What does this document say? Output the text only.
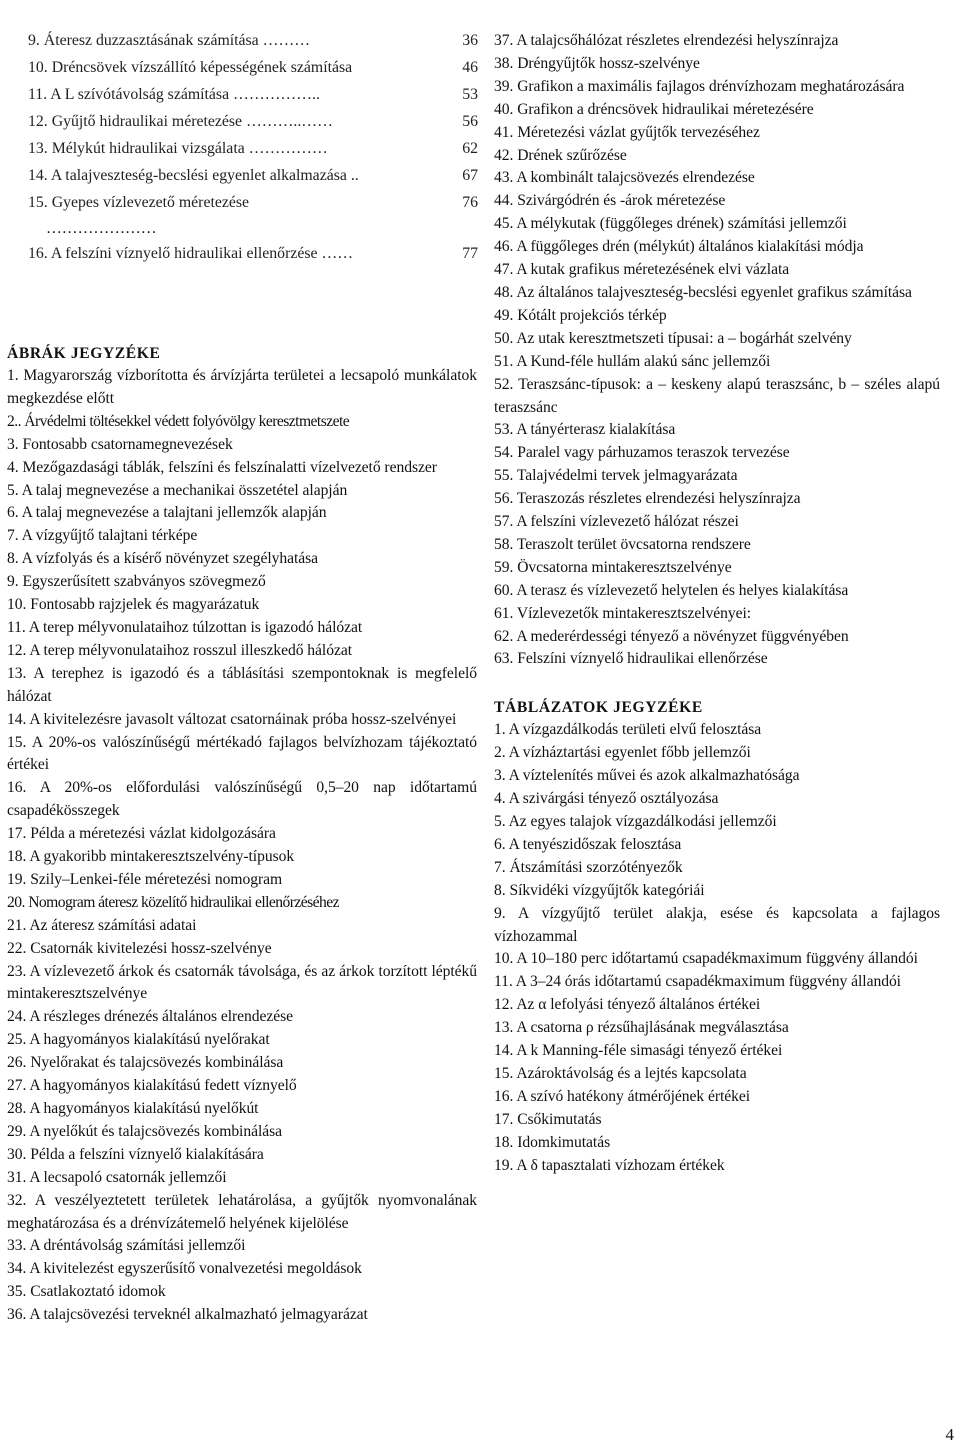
9. Áteresz duzzasztásának számítása ………	36
10. Dréncsövek vízszállító képességének számítása	46
11. A L szívótávolság számítása ……………..	53
12. Gyűjtő hidraulikai méretezése ………..……	56
13. Mélykút hidraulikai vizsgálata ……………	62
14. A talajveszteség-becslési egyenlet alkalmazása ..	67
15. Gyepes vízlevezető méretezése	76
…………………
16. A felszíni víznyelő hidraulikai ellenőrzése ……	77

ÁBRÁK JEGYZÉKE

1. Magyarország vízborította és árvízjárta területei a lecsapoló munkálatok megkezdése előtt

2.. Árvédelmi töltésekkel védett folyóvölgy keresztmetszete

3. Fontosabb csatornamegnevezések

4. Mezőgazdasági táblák, felszíni és felszínalatti vízelvezető rendszer

5. A talaj megnevezése a mechanikai összetétel alapján

6. A talaj megnevezése a talajtani jellemzők alapján

7. A vízgyűjtő talajtani térképe

8. A vízfolyás és a kísérő növényzet szegélyhatása

9. Egyszerűsített szabványos szövegmező

10. Fontosabb rajzjelek és magyarázatuk

11. A terep mélyvonulataihoz túlzottan is igazodó hálózat

12. A terep mélyvonulataihoz rosszul illeszkedő hálózat

13. A terephez is igazodó és a táblásítási szempontoknak is megfelelő hálózat

14. A kivitelezésre javasolt változat csatornáinak próba hossz-szelvényei

15. A 20%-os valószínűségű mértékadó fajlagos belvízhozam tájékoztató értékei

16. A 20%-os előfordulási valószínűségű 0,5–20 nap időtartamú csapadékösszegek

17. Példa a méretezési vázlat kidolgozására

18. A gyakoribb mintakeresztszelvény-típusok

19. Szily–Lenkei-féle méretezési nomogram

20. Nomogram áteresz közelítő hidraulikai ellenőrzéséhez

21. Az áteresz számítási adatai

22. Csatornák kivitelezési hossz-szelvénye

23. A vízlevezető árkok és csatornák távolsága, és az árkok torzított léptékű mintakeresztszelvénye

24. A részleges drénezés általános elrendezése

25. A hagyományos kialakítású nyelőrakat

26. Nyelőrakat és talajcsövezés kombinálása

27. A hagyományos kialakítású fedett víznyelő

28. A hagyományos kialakítású nyelőkút

29. A nyelőkút és talajcsövezés kombinálása

30. Példa a felszíni víznyelő kialakítására

31. A lecsapoló csatornák jellemzői

32. A veszélyeztetett területek lehatárolása, a gyűjtők nyomvonalának meghatározása és a drénvízátemelő helyének kijelölése

33. A dréntávolság számítási jellemzői

34. A kivitelezést egyszerűsítő vonalvezetési megoldások

35. Csatlakoztató idomok

36. A talajcsövezési terveknél alkalmazható jelmagyarázat

37. A talajcsőhálózat részletes elrendezési helyszínrajza

38. Dréngyűjtők hossz-szelvénye

39. Grafikon a maximális fajlagos drénvízhozam meghatározására

40. Grafikon a dréncsövek hidraulikai méretezésére

41. Méretezési vázlat gyűjtők tervezéséhez

42. Drének szűrőzése

43. A kombinált talajcsövezés elrendezése

44. Szivárgódrén és -árok méretezése

45. A mélykutak (függőleges drének) számítási jellemzői

46. A függőleges drén (mélykút) általános kialakítási módja

47. A kutak grafikus méretezésének elvi vázlata

48. Az általános talajveszteség-becslési egyenlet grafikus számítása

49. Kótált projekciós térkép

50. Az utak keresztmetszeti típusai: a – bogárhát szelvény

51. A Kund-féle hullám alakú sánc jellemzői

52. Teraszsánc-típusok: a – keskeny alapú teraszsánc, b – széles alapú teraszsánc

53. A tányérterasz kialakítása

54. Paralel vagy párhuzamos teraszok tervezése

55. Talajvédelmi tervek jelmagyarázata

56. Teraszozás részletes elrendezési helyszínrajza

57. A felszíni vízlevezető hálózat részei

58. Teraszolt terület övcsatorna rendszere

59. Övcsatorna mintakeresztszelvénye

60. A terasz és vízlevezető helytelen és helyes kialakítása

61. Vízlevezetők mintakeresztszelvényei:

62. A mederérdességi tényező a növényzet függvényében

63. Felszíni víznyelő hidraulikai ellenőrzése

TÁBLÁZATOK JEGYZÉKE

1. A vízgazdálkodás területi elvű felosztása

2. A vízháztartási egyenlet főbb jellemzői

3. A víztelenítés művei és azok alkalmazhatósága

4. A szivárgási tényező osztályozása

5. Az egyes talajok vízgazdálkodási jellemzői

6. A tenyészidőszak felosztása

7. Átszámítási szorzótényezők

8. Síkvidéki vízgyűjtők kategóriái

9. A vízgyűjtő terület alakja, esése és kapcsolata a fajlagos vízhozammal

10. A 10–180 perc időtartamú csapadékmaximum függvény állandói

11. A 3–24 órás időtartamú csapadékmaximum függvény állandói

12. Az α lefolyási tényező általános értékei

13. A csatorna ρ rézsűhajlásának megválasztása

14. A k Manning-féle simasági tényező értékei

15. Azároktávolság és a lejtés kapcsolata

16. A szívó hatékony átmérőjének értékei

17. Csőkimutatás

18. Idomkimutatás

19. A δ tapasztalati vízhozam értékek

4
